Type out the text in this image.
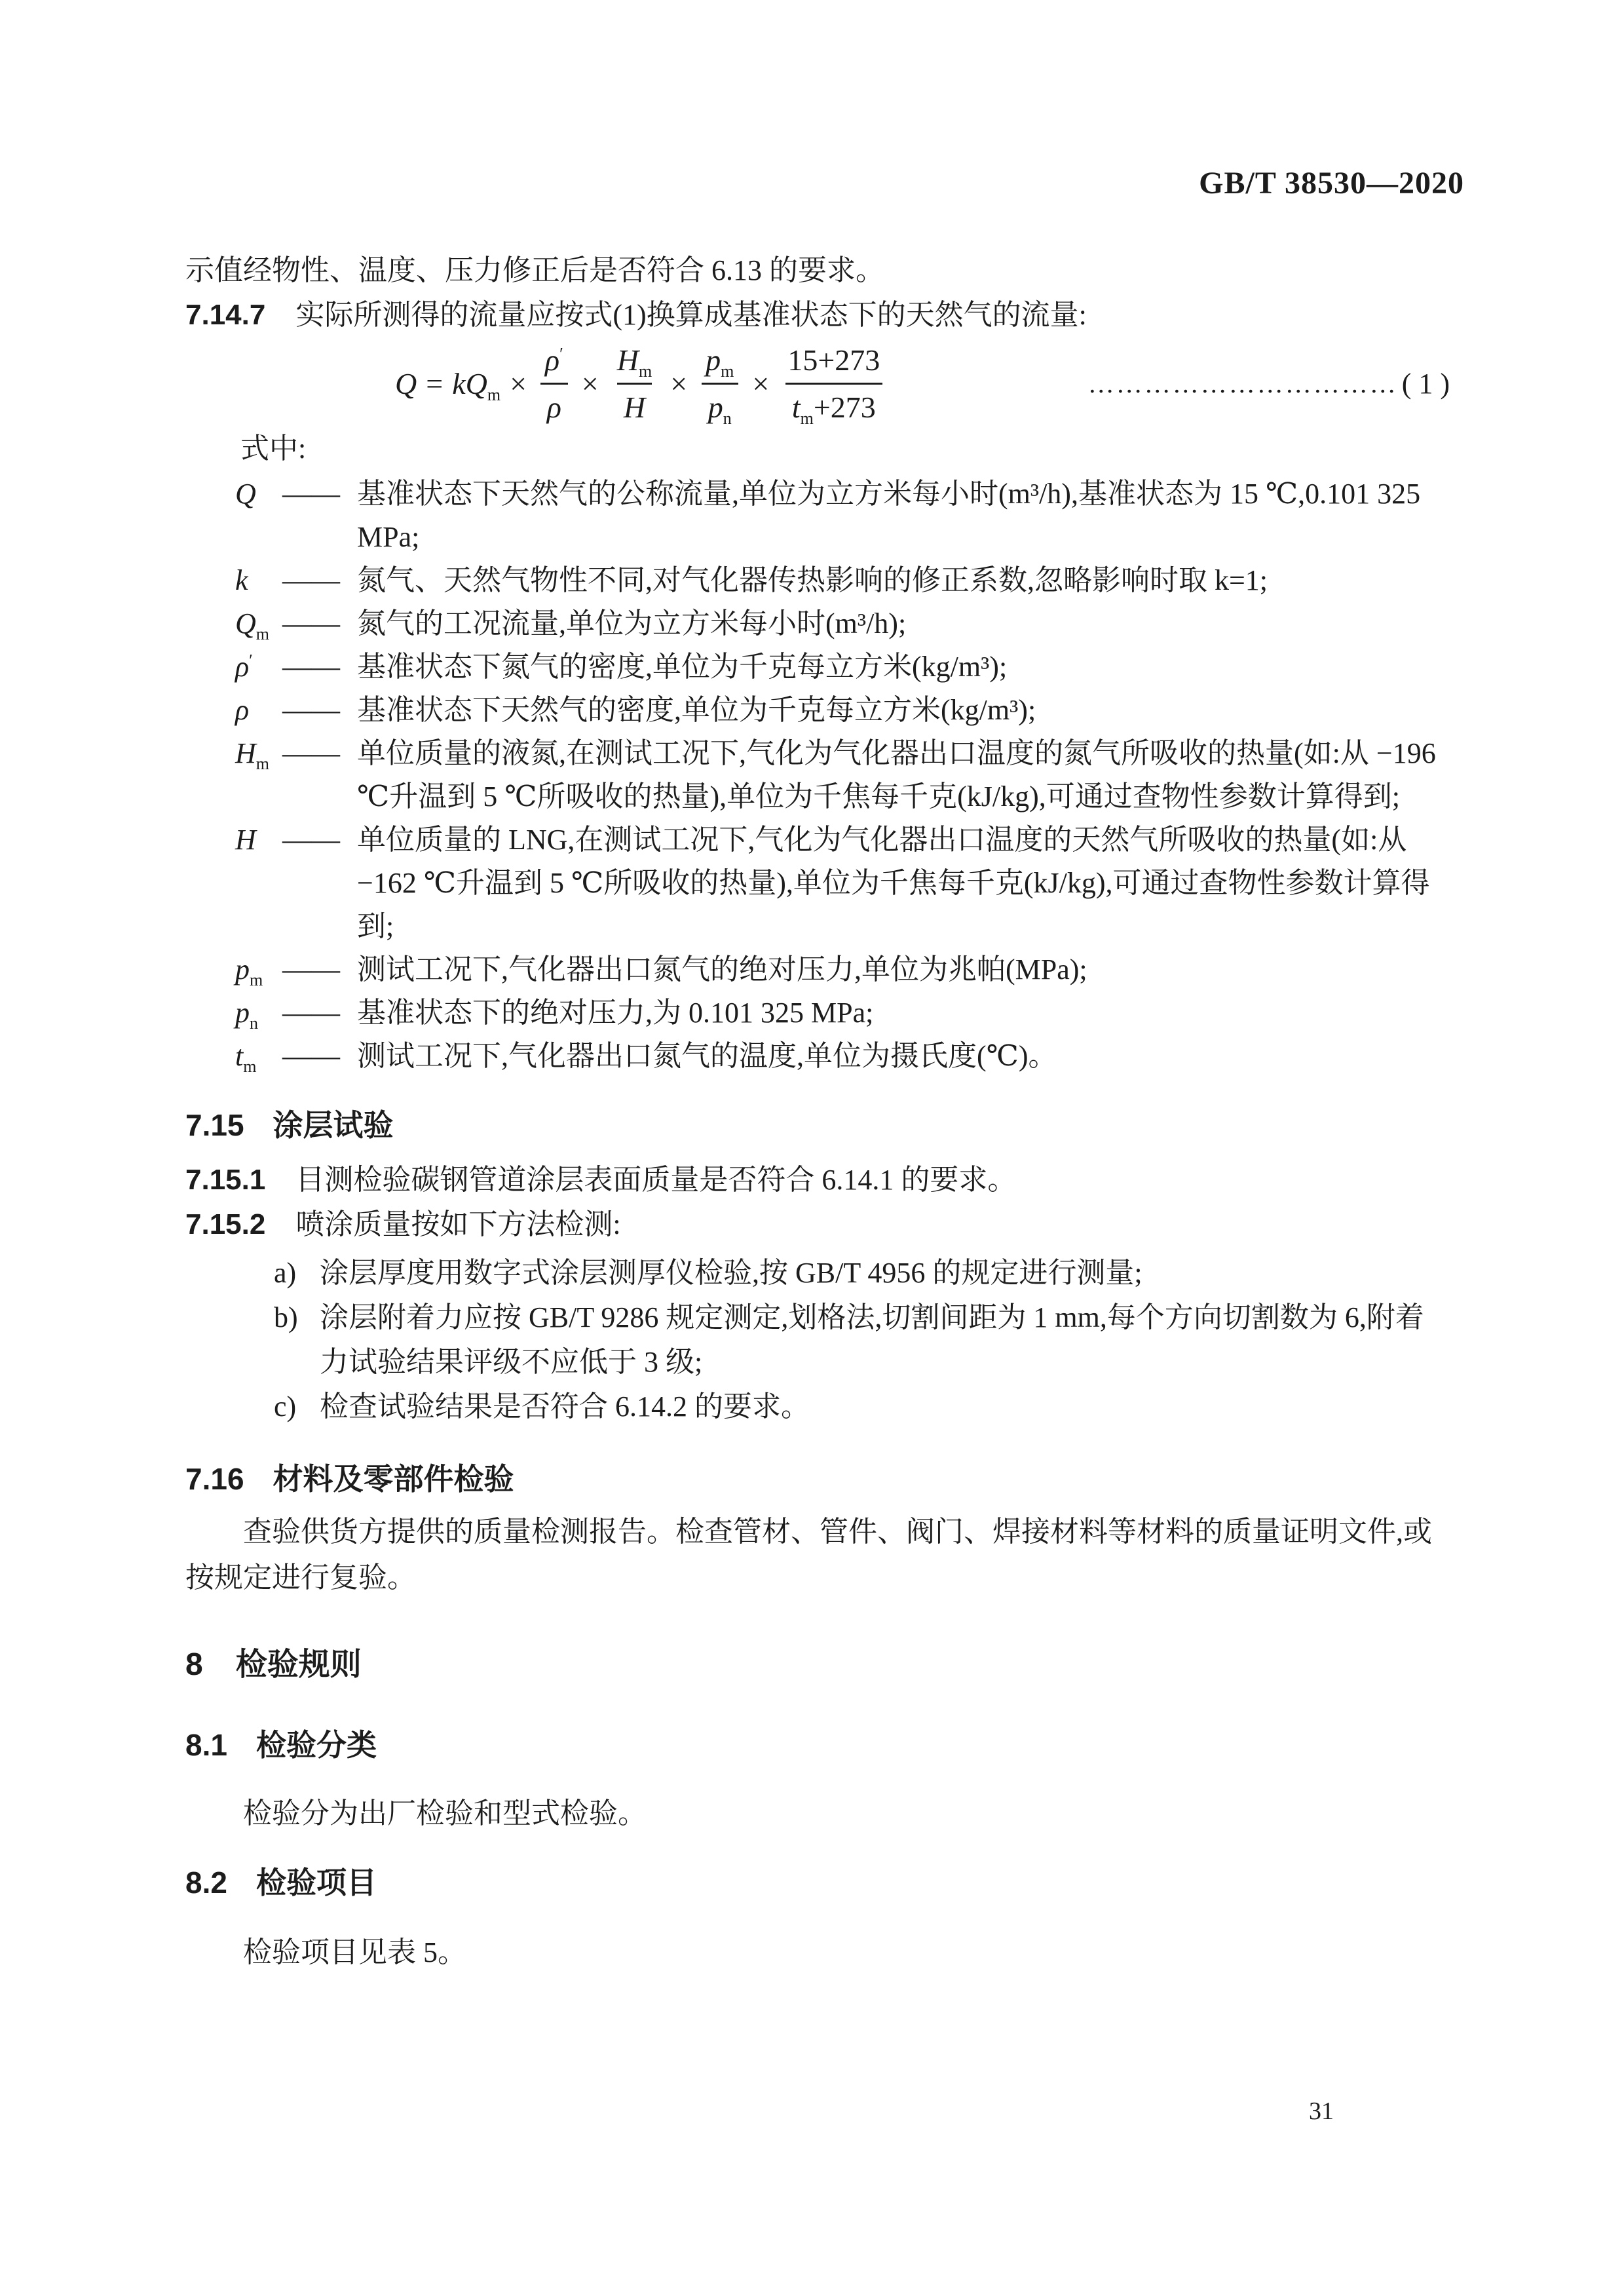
GB/T 38530—2020
示值经物性、温度、压力修正后是否符合 6.13 的要求。
7.14.7 实际所测得的流量应按式(1)换算成基准状态下的天然气的流量:
$Q = kQ_m \times \frac{\rho'}{\rho} \times \frac{H_m}{H} \times \frac{p_m}{p_n} \times \frac{15+273}{t_m+273}$	…………………………… ( 1 )
式中:
Q —— 基准状态下天然气的公称流量,单位为立方米每小时(m³/h),基准状态为 15 ℃,0.101 325 MPa;
k —— 氮气、天然气物性不同,对气化器传热影响的修正系数,忽略影响时取 k=1;
$Q_m$ —— 氮气的工况流量,单位为立方米每小时(m³/h);
ρ′ —— 基准状态下氮气的密度,单位为千克每立方米(kg/m³);
ρ —— 基准状态下天然气的密度,单位为千克每立方米(kg/m³);
$H_m$ —— 单位质量的液氮,在测试工况下,气化为气化器出口温度的氮气所吸收的热量(如:从 −196 ℃升温到 5 ℃所吸收的热量),单位为千焦每千克(kJ/kg),可通过查物性参数计算得到;
H —— 单位质量的 LNG,在测试工况下,气化为气化器出口温度的天然气所吸收的热量(如:从 −162 ℃升温到 5 ℃所吸收的热量),单位为千焦每千克(kJ/kg),可通过查物性参数计算得到;
$p_m$ —— 测试工况下,气化器出口氮气的绝对压力,单位为兆帕(MPa);
$p_n$ —— 基准状态下的绝对压力,为 0.101 325 MPa;
$t_m$ —— 测试工况下,气化器出口氮气的温度,单位为摄氏度(℃)。
7.15 涂层试验
7.15.1 目测检验碳钢管道涂层表面质量是否符合 6.14.1 的要求。
7.15.2 喷涂质量按如下方法检测:
a) 涂层厚度用数字式涂层测厚仪检验,按 GB/T 4956 的规定进行测量;
b) 涂层附着力应按 GB/T 9286 规定测定,划格法,切割间距为 1 mm,每个方向切割数为 6,附着力试验结果评级不应低于 3 级;
c) 检查试验结果是否符合 6.14.2 的要求。
7.16 材料及零部件检验
查验供货方提供的质量检测报告。检查管材、管件、阀门、焊接材料等材料的质量证明文件,或按规定进行复验。
8 检验规则
8.1 检验分类
检验分为出厂检验和型式检验。
8.2 检验项目
检验项目见表 5。
31
